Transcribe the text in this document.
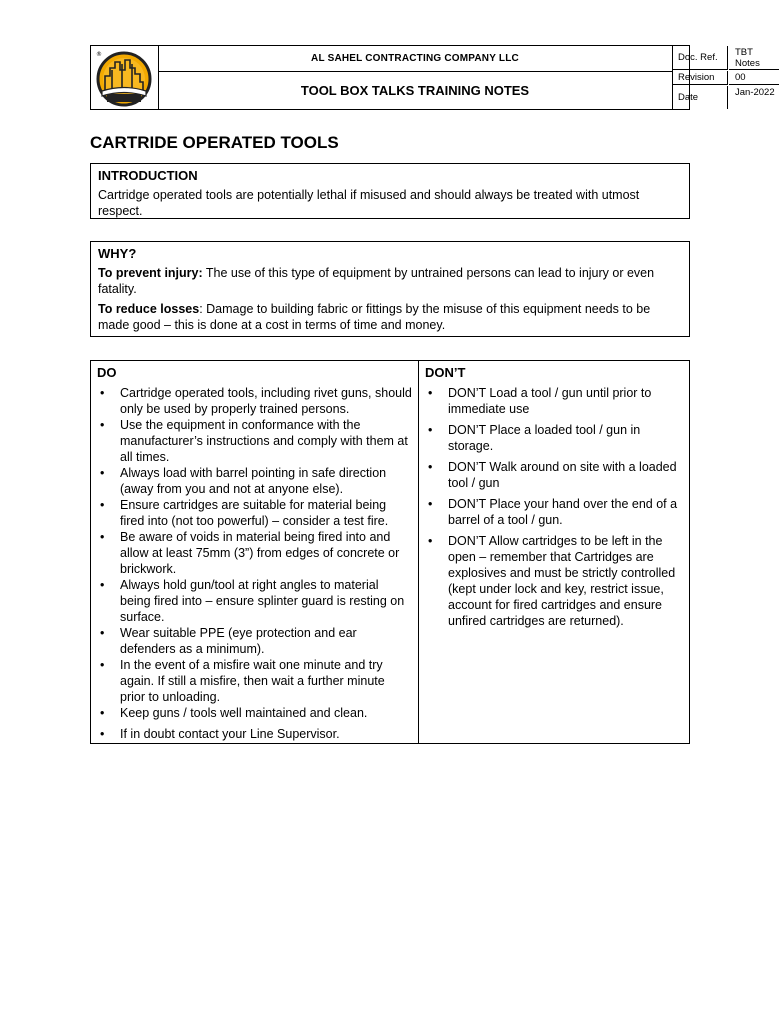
®	AL SAHEL CONTRACTING COMPANY LLC
TOOL BOX TALKS TRAINING NOTES
Doc. Ref.	TBT Notes
Revision	00
Date	Jan-2022
CARTRIDE OPERATED TOOLS
INTRODUCTION

Cartridge operated tools are potentially lethal if misused and should always be treated with utmost respect.

WHY?

To prevent injury: The use of this type of equipment by untrained persons can lead to injury or even fatality.

To reduce losses: Damage to building fabric or fittings by the misuse of this equipment needs to be made good – this is done at a cost in terms of time and money.

DO
• Cartridge operated tools, including rivet guns, should only be used by properly trained persons.
• Use the equipment in conformance with the manufacturer’s instructions and comply with them at all times.
• Always load with barrel pointing in safe direction (away from you and not at anyone else).
• Ensure cartridges are suitable for material being fired into (not too powerful) – consider a test fire.
• Be aware of voids in material being fired into and allow at least 75mm (3”) from edges of concrete or brickwork.
• Always hold gun/tool at right angles to material being fired into – ensure splinter guard is resting on surface.
• Wear suitable PPE (eye protection and ear defenders as a minimum).
• In the event of a misfire wait one minute and try again. If still a misfire, then wait a further minute prior to unloading.
• Keep guns / tools well maintained and clean.
• If in doubt contact your Line Supervisor.
DON’T
• DON’T Load a tool / gun until prior to immediate use
• DON’T Place a loaded tool / gun in storage.
• DON’T Walk around on site with a loaded tool / gun
• DON’T Place your hand over the end of a barrel of a tool / gun.
• DON’T Allow cartridges to be left in the open – remember that Cartridges are explosives and must be strictly controlled (kept under lock and key, restrict issue, account for fired cartridges and ensure unfired cartridges are returned).
